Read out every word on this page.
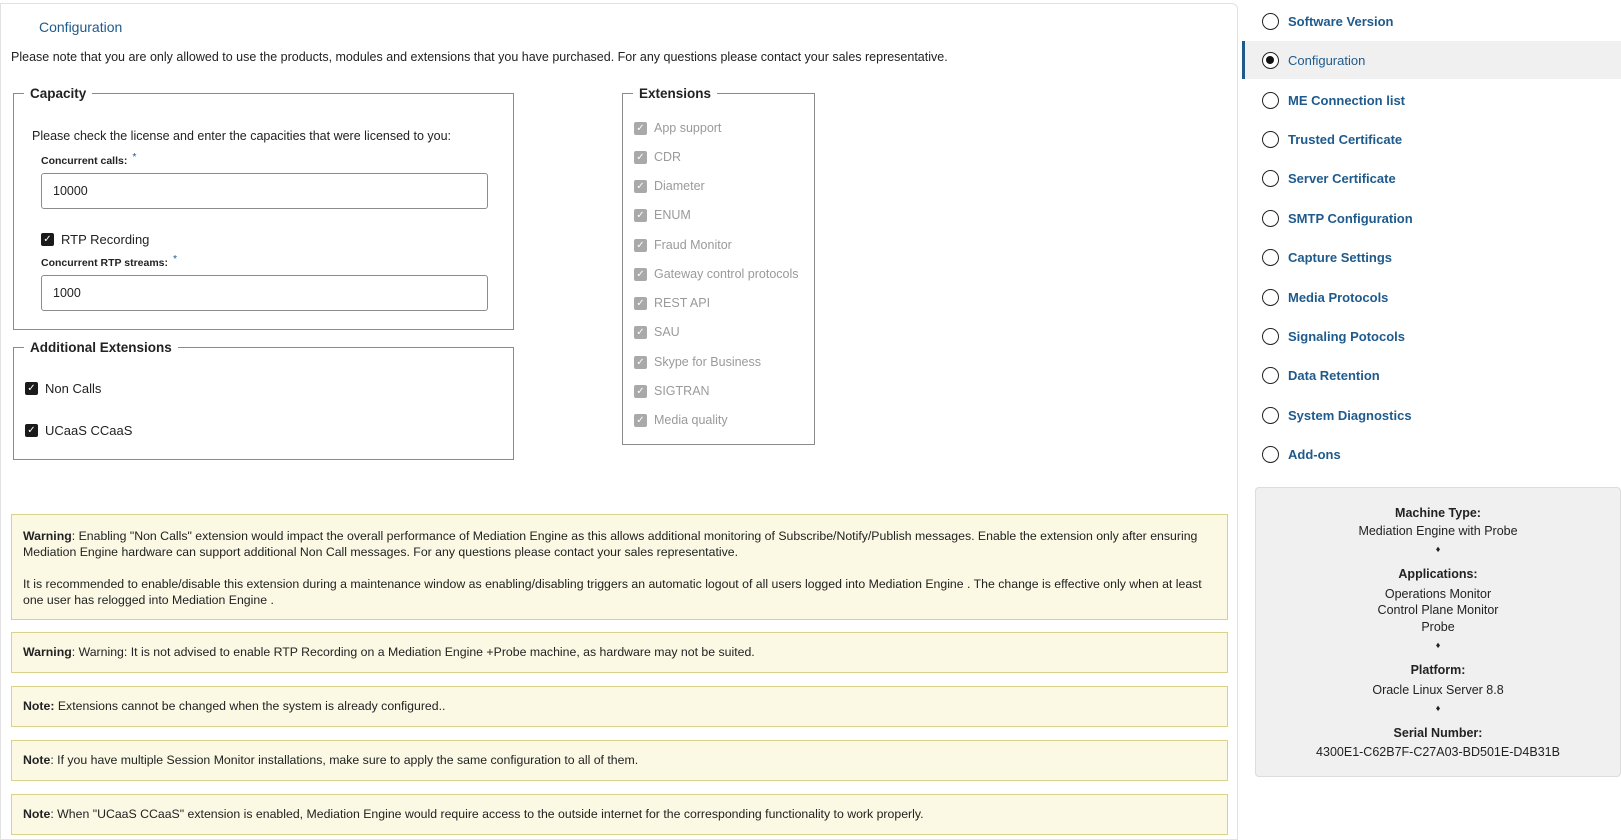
Configuration
Please note that you are only allowed to use the products, modules and extensions that you have purchased. For any questions please contact your sales representative.
Capacity
Please check the license and enter the capacities that were licensed to you:
Concurrent calls: *
10000
✓ RTP Recording
Concurrent RTP streams: *
1000
Additional Extensions
✓ Non Calls
✓ UCaaS CCaaS
Extensions
✓ App support
✓ CDR
✓ Diameter
✓ ENUM
✓ Fraud Monitor
✓ Gateway control protocols
✓ REST API
✓ SAU
✓ Skype for Business
✓ SIGTRAN
✓ Media quality
Warning: Enabling "Non Calls" extension would impact the overall performance of Mediation Engine as this allows additional monitoring of Subscribe/Notify/Publish messages. Enable the extension only after ensuring Mediation Engine hardware can support additional Non Call messages. For any questions please contact your sales representative.
It is recommended to enable/disable this extension during a maintenance window as enabling/disabling triggers an automatic logout of all users logged into Mediation Engine . The change is effective only when at least one user has relogged into Mediation Engine .
Warning: Warning: It is not advised to enable RTP Recording on a Mediation Engine +Probe machine, as hardware may not be suited.
Note: Extensions cannot be changed when the system is already configured..
Note: If you have multiple Session Monitor installations, make sure to apply the same configuration to all of them.
Note: When "UCaaS CCaaS" extension is enabled, Mediation Engine would require access to the outside internet for the corresponding functionality to work properly.
Software Version
Configuration
ME Connection list
Trusted Certificate
Server Certificate
SMTP Configuration
Capture Settings
Media Protocols
Signaling Potocols
Data Retention
System Diagnostics
Add-ons
Machine Type:
Mediation Engine with Probe
♦
Applications:
Operations Monitor
Control Plane Monitor
Probe
♦
Platform:
Oracle Linux Server 8.8
♦
Serial Number:
4300E1-C62B7F-C27A03-BD501E-D4B31B
